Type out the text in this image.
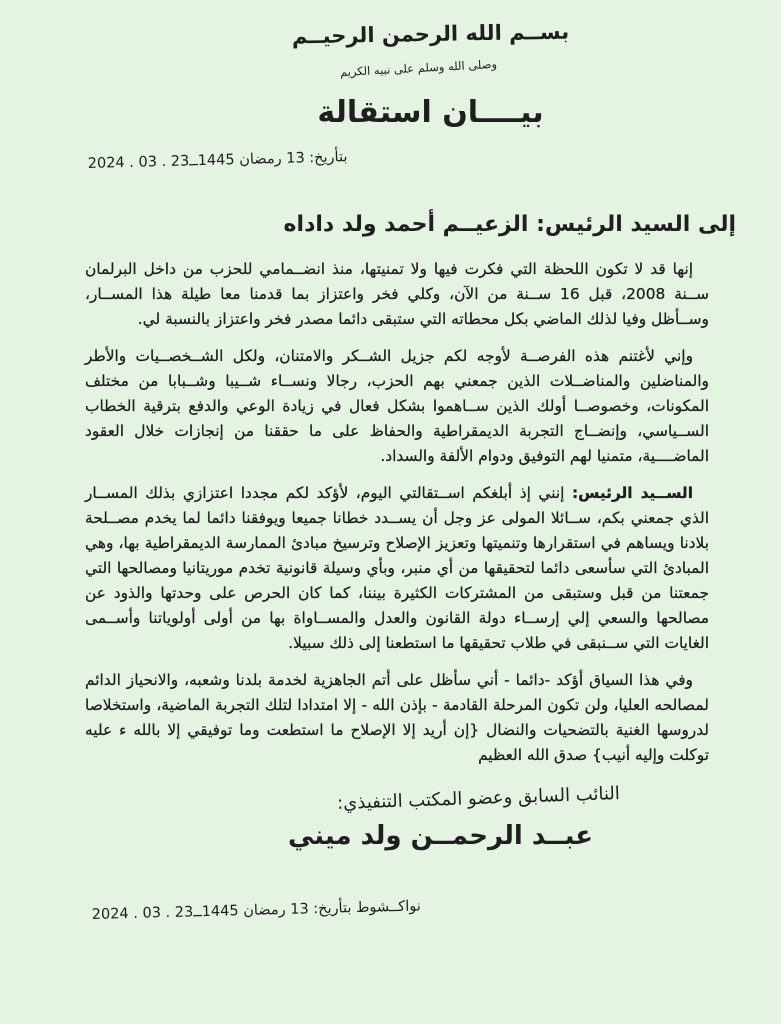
بســم الله الرحمن الرحيــم
وصلى الله وسلم على نبيه الكريم
بيــــان استقالة
بتأريخ: 13 رمضان 1445ــ23 . 03 . 2024
إلى السيد الرئيس: الزعيــم أحمد ولد داداه

إنها قد لا تكون اللحظة التي فكرت فيها ولا تمنيتها، منذ انضــمامي للحزب من داخل البرلمان ســنة 2008، قبل 16 ســنة من الآن، وكلي فخر واعتزاز بما قدمنا معا طيلة هذا المســار، وســأظل وفيا لذلك الماضي بكل محطاته التي ستبقى دائما مصدر فخر واعتزاز بالنسبة لي.

وإني لأغتنم هذه الفرصــة لأوجه لكم جزيل الشــكر والامتنان، ولكل الشــخصــيات والأطر والمناضلين والمناضــلات الذين جمعني بهم الحزب، رجالا ونســاء شــيبا وشــبابا من مختلف المكونات، وخصوصــا أولك الذين ســاهموا بشكل فعال في زيادة الوعي والدفع بترقية الخطاب الســياسي، وإنضــاج التجربة الديمقراطية والحفاظ على ما حققنا من إنجازات خلال العقود الماضــــية، متمنيا لهم التوفيق ودوام الألفة والسداد.

الســيد الرئيس: إنني إذ أبلغكم اســتقالتي اليوم، لأؤكد لكم مجددا اعتزازي بذلك المســار الذي جمعني بكم، ســائلا المولى عز وجل أن يســدد خطانا جميعا ويوفقنا دائما لما يخدم مصــلحة بلادنا ويساهم في استقرارها وتنميتها وتعزيز الإصلاح وترسيخ مبادئ الممارسة الديمقراطية بها، وهي المبادئ التي سأسعى دائما لتحقيقها من أي منبر، وبأي وسيلة قانونية تخدم موريتانيا ومصالحها التي جمعتنا من قبل وستبقى من المشتركات الكثيرة بيننا، كما كان الحرص على وحدتها والذود عن مصالحها والسعي إلي إرســاء دولة القانون والعدل والمســاواة بها من أولى أولوياتنا وأســمى الغايات التي ســنبقى في طلاب تحقيقها ما استطعنا إلى ذلك سبيلا.

وفي هذا السياق أؤكد -دائما - أني سأظل على أتم الجاهزية لخدمة بلدنا وشعبه، والانحياز الدائم لمصالحه العليا، ولن تكون المرحلة القادمة - بإذن الله - إلا امتدادا لتلك التجربة الماضية، واستخلاصا لدروسها الغنية بالتضحيات والنضال {إن أريد إلا الإصلاح ما استطعت وما توفيقي إلا بالله ء عليه توكلت وإليه أنيب} صدق الله العظيم

النائب السابق وعضو المكتب التنفيذي:
عبــد الرحمــن ولد ميني
نواكــشوط بتأريخ: 13 رمضان 1445ــ23 . 03 . 2024
